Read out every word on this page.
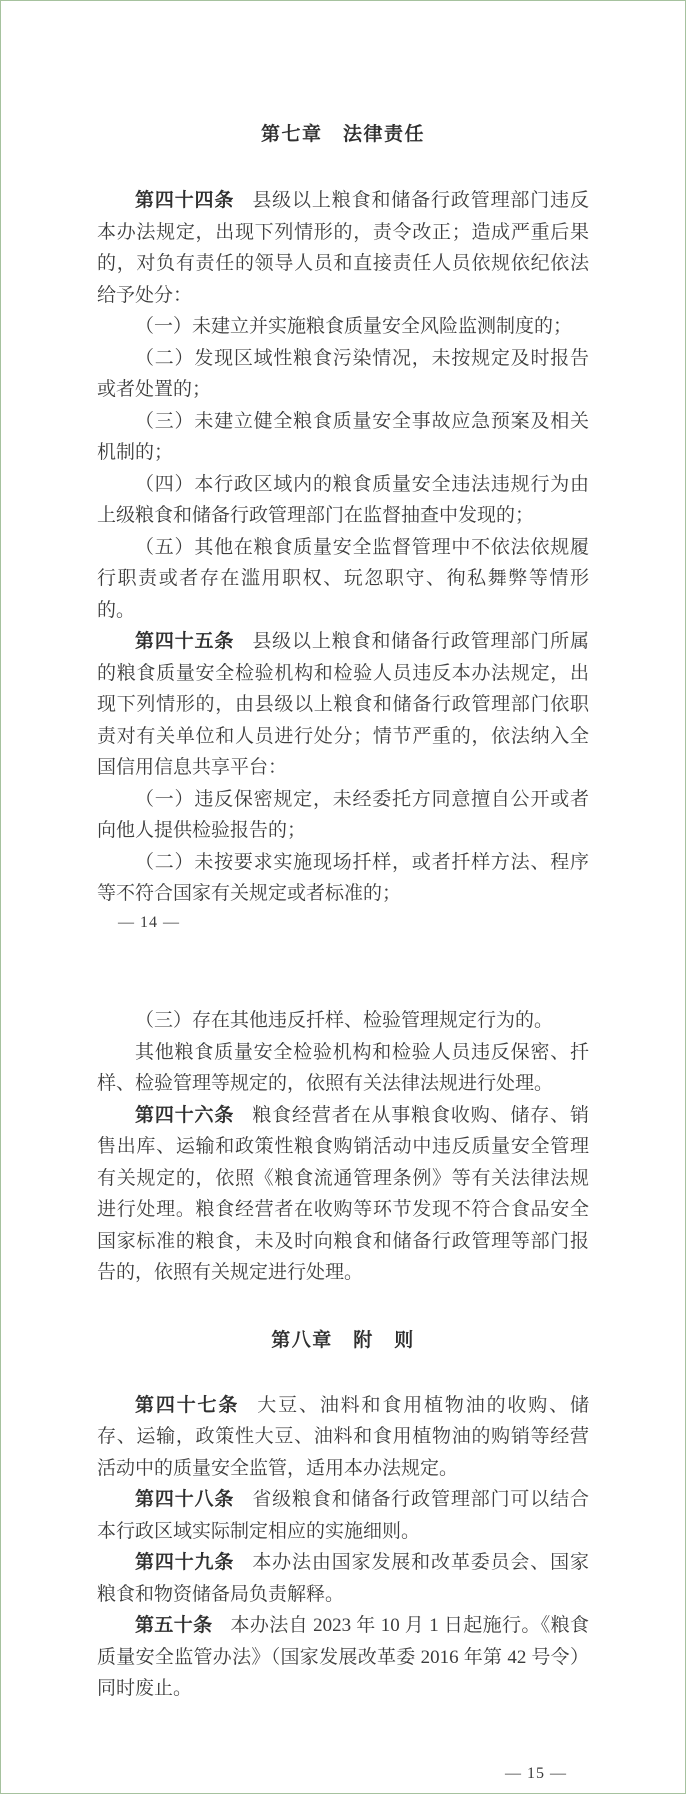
第七章　法律责任

第四十四条 县级以上粮食和储备行政管理部门违反本办法规定，出现下列情形的，责令改正；造成严重后果的，对负有责任的领导人员和直接责任人员依规依纪依法给予处分：

（一）未建立并实施粮食质量安全风险监测制度的；

（二）发现区域性粮食污染情况，未按规定及时报告或者处置的；

（三）未建立健全粮食质量安全事故应急预案及相关机制的；

（四）本行政区域内的粮食质量安全违法违规行为由上级粮食和储备行政管理部门在监督抽查中发现的；

（五）其他在粮食质量安全监督管理中不依法依规履行职责或者存在滥用职权、玩忽职守、徇私舞弊等情形的。

第四十五条 县级以上粮食和储备行政管理部门所属的粮食质量安全检验机构和检验人员违反本办法规定，出现下列情形的，由县级以上粮食和储备行政管理部门依职责对有关单位和人员进行处分；情节严重的，依法纳入全国信用信息共享平台：

（一）违反保密规定，未经委托方同意擅自公开或者向他人提供检验报告的；

（二）未按要求实施现场扦样，或者扦样方法、程序等不符合国家有关规定或者标准的；

— 14 —

（三）存在其他违反扦样、检验管理规定行为的。

其他粮食质量安全检验机构和检验人员违反保密、扦样、检验管理等规定的，依照有关法律法规进行处理。

第四十六条 粮食经营者在从事粮食收购、储存、销售出库、运输和政策性粮食购销活动中违反质量安全管理有关规定的，依照《粮食流通管理条例》等有关法律法规进行处理。粮食经营者在收购等环节发现不符合食品安全国家标准的粮食，未及时向粮食和储备行政管理等部门报告的，依照有关规定进行处理。

第八章　附　则

第四十七条 大豆、油料和食用植物油的收购、储存、运输，政策性大豆、油料和食用植物油的购销等经营活动中的质量安全监管，适用本办法规定。

第四十八条 省级粮食和储备行政管理部门可以结合本行政区域实际制定相应的实施细则。

第四十九条 本办法由国家发展和改革委员会、国家粮食和物资储备局负责解释。

第五十条 本办法自 2023 年 10 月 1 日起施行。《粮食质量安全监管办法》（国家发展改革委 2016 年第 42 号令）同时废止。

— 15 —
